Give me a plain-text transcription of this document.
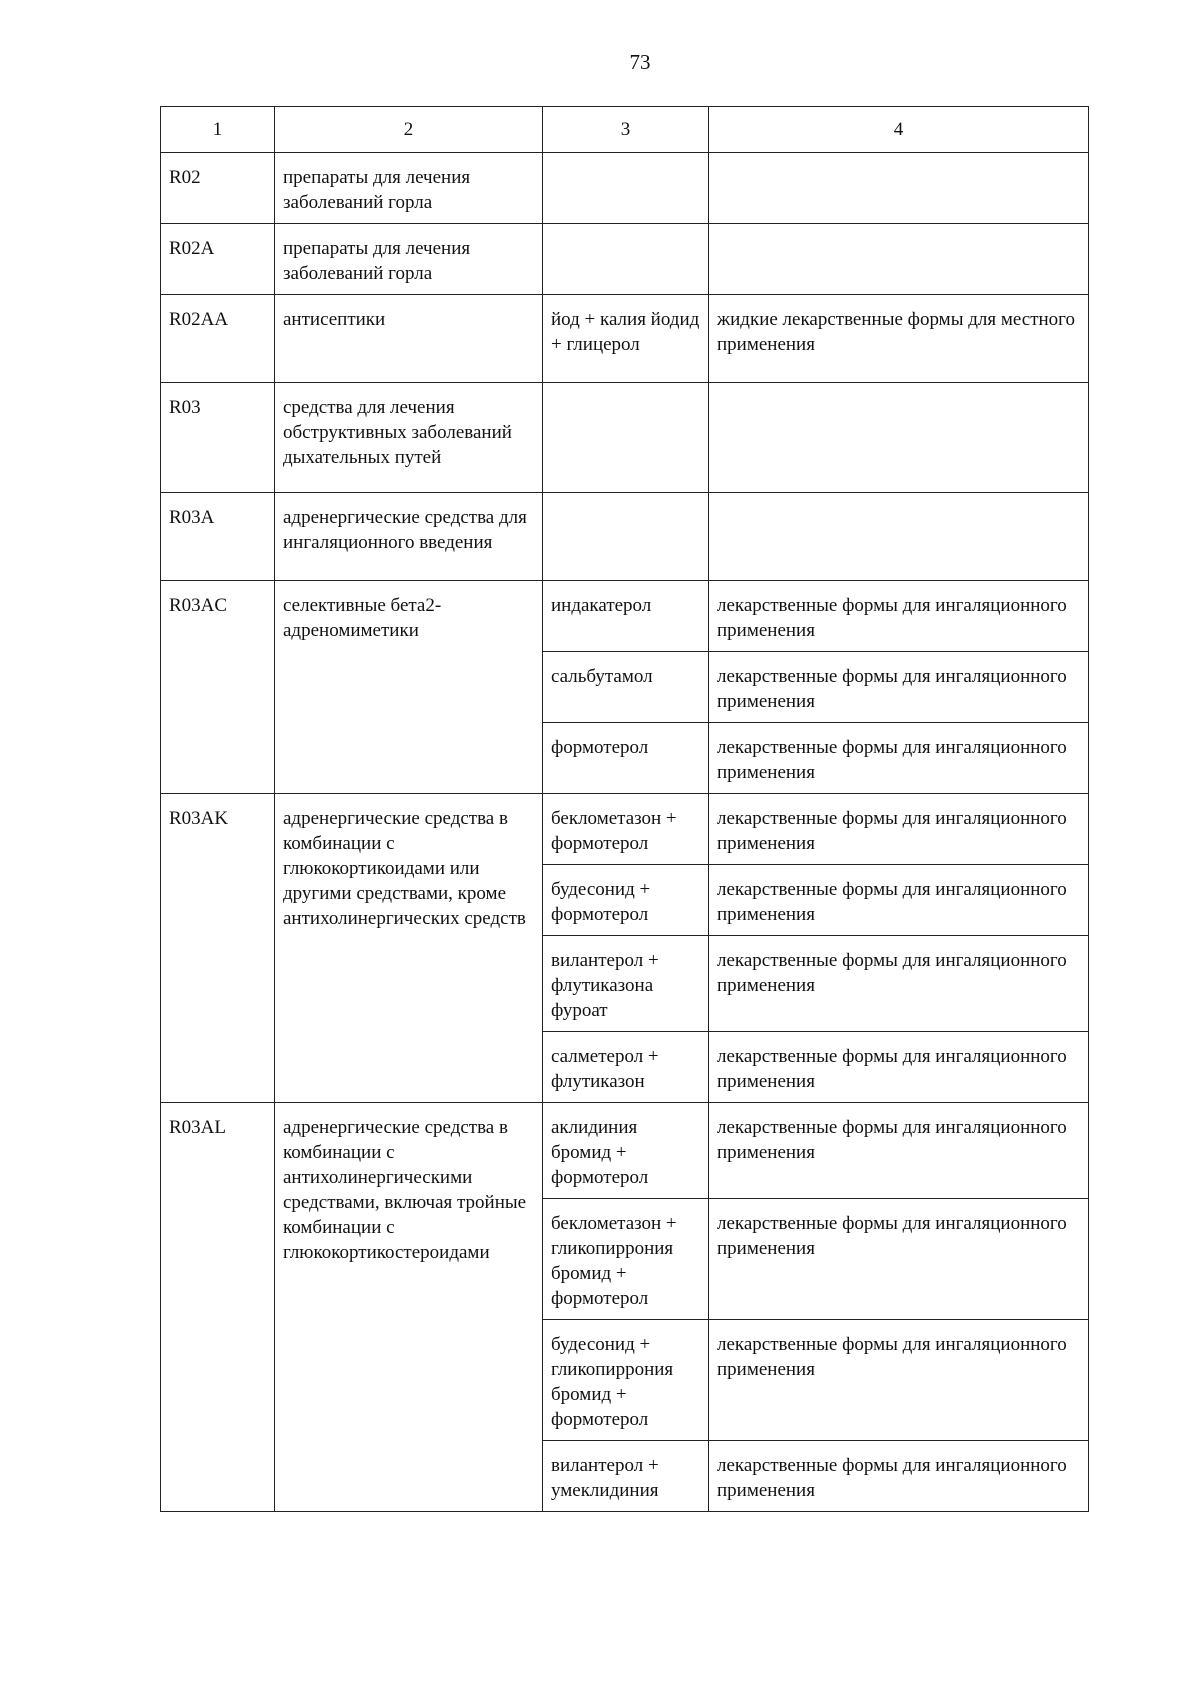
73
1	2	3	4
R02	препараты для лечения заболеваний горла		
R02A	препараты для лечения заболеваний горла		
R02AA	антисептики	йод + калия йодид + глицерол	жидкие лекарственные формы для местного применения
R03	средства для лечения обструктивных заболеваний дыхательных путей		
R03A	адренергические средства для ингаляционного введения		
R03AC	селективные бета2-адреномиметики	индакатерол	лекарственные формы для ингаляционного применения
		сальбутамол	лекарственные формы для ингаляционного применения
		формотерол	лекарственные формы для ингаляционного применения
R03AK	адренергические средства в комбинации с глюкокортикоидами или другими средствами, кроме антихолинергических средств	беклометазон + формотерол	лекарственные формы для ингаляционного применения
		будесонид + формотерол	лекарственные формы для ингаляционного применения
		вилантерол + флутиказона фуроат	лекарственные формы для ингаляционного применения
		салметерол + флутиказон	лекарственные формы для ингаляционного применения
R03AL	адренергические средства в комбинации с антихолинергическими средствами, включая тройные комбинации с глюкокортикостероидами	аклидиния бромид + формотерол	лекарственные формы для ингаляционного применения
		беклометазон + гликопиррония бромид + формотерол	лекарственные формы для ингаляционного применения
		будесонид + гликопиррония бромид + формотерол	лекарственные формы для ингаляционного применения
		вилантерол + умеклидиния	лекарственные формы для ингаляционного применения
